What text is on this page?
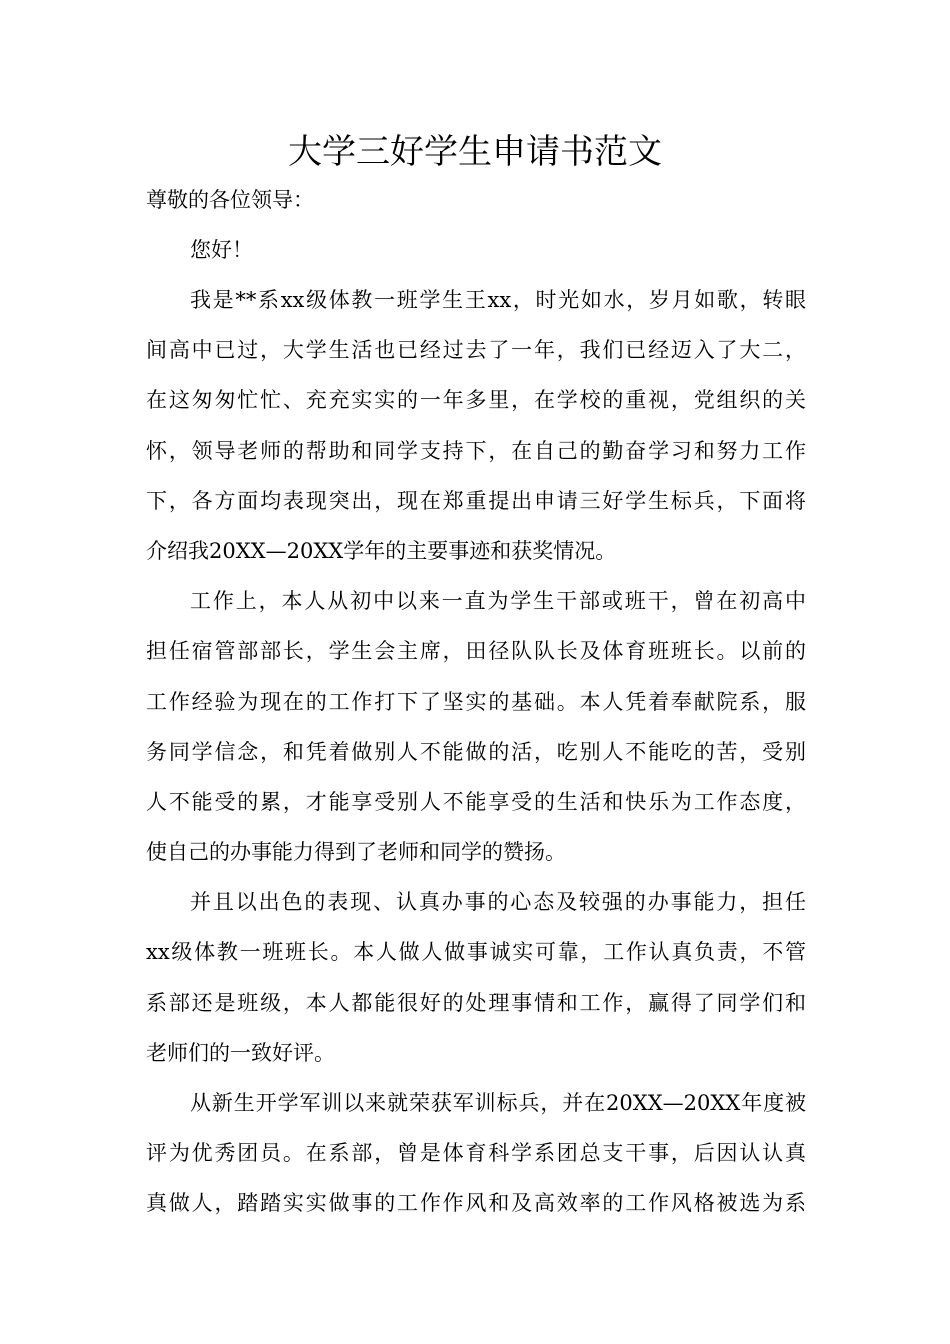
大学三好学生申请书范文
尊敬的各位领导：
您好！
我是**系xx级体教一班学生王xx，时光如水，岁月如歌，转眼
间高中已过，大学生活也已经过去了一年，我们已经迈入了大二，
在这匆匆忙忙、充充实实的一年多里，在学校的重视，党组织的关
怀，领导老师的帮助和同学支持下，在自己的勤奋学习和努力工作
下，各方面均表现突出，现在郑重提出申请三好学生标兵，下面将
介绍我20XX—20XX学年的主要事迹和获奖情况。
工作上，本人从初中以来一直为学生干部或班干，曾在初高中
担任宿管部部长，学生会主席，田径队队长及体育班班长。以前的
工作经验为现在的工作打下了坚实的基础。本人凭着奉献院系，服
务同学信念，和凭着做别人不能做的活，吃别人不能吃的苦，受别
人不能受的累，才能享受别人不能享受的生活和快乐为工作态度，
使自己的办事能力得到了老师和同学的赞扬。
并且以出色的表现、认真办事的心态及较强的办事能力，担任
xx级体教一班班长。本人做人做事诚实可靠，工作认真负责，不管
系部还是班级，本人都能很好的处理事情和工作，赢得了同学们和
老师们的一致好评。
从新生开学军训以来就荣获军训标兵，并在20XX—20XX年度被
评为优秀团员。在系部，曾是体育科学系团总支干事，后因认认真
真做人，踏踏实实做事的工作作风和及高效率的工作风格被选为系
